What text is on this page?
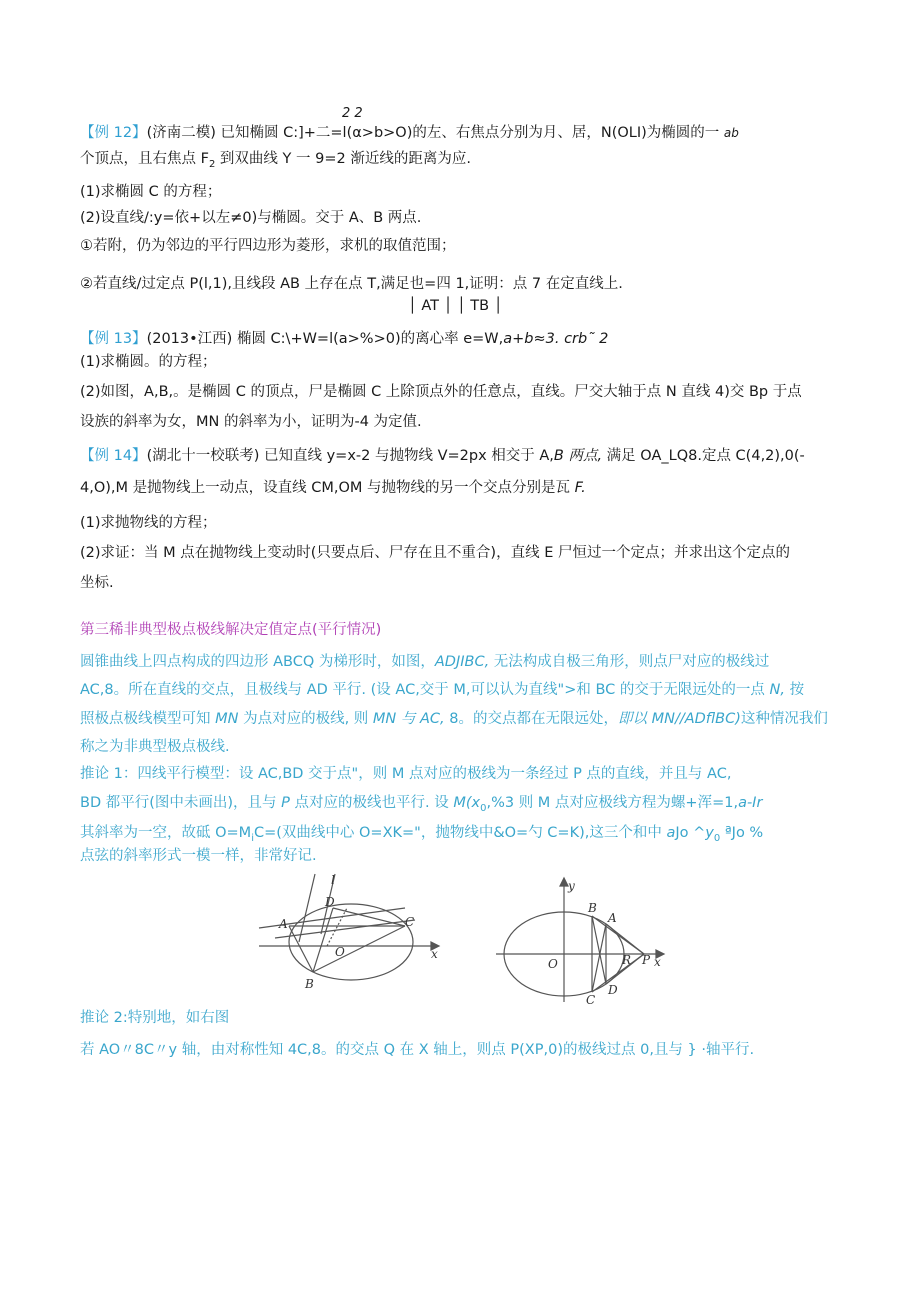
2 2
【例 12】(济南二模) 已知椭圆 C:]+二=l(α>b>O)的左、右焦点分别为月、居，N(OLI)为椭圆的一 ab
个顶点，且右焦点 $F_2$ 到双曲线 Y 一 9=2 渐近线的距离为应.
(1)求椭圆 C 的方程；
(2)设直线/:y=依+以左≠0)与椭圆。交于 A、B 两点.
①若附，仍为邻边的平行四边形为菱形，求机的取值范围；
②若直线/过定点 P(l,1),且线段 AB 上存在点 T,满足也=四 1,证明：点 7 在定直线上.
│ AT │ │ TB │
【例 13】(2013•江西) 椭圆 C:\+W=l(a>%>0)的离心率 e=W,a+b≈3. crb˜ 2
(1)求椭圆。的方程；
(2)如图，A,B,。是椭圆 C 的顶点，尸是椭圆 C 上除顶点外的任意点，直线。尸交大轴于点 N 直线 4)交 Bp 于点
设族的斜率为女，MN 的斜率为小，证明为-4 为定值.
【例 14】(湖北十一校联考) 已知直线 y=x-2 与抛物线 V=2px 相交于 A,B 两点, 满足 OA_LQ8.定点 C(4,2),0(-
4,O),M 是抛物线上一动点，设直线 CM,OM 与抛物线的另一个交点分别是瓦 F.
(1)求抛物线的方程；
(2)求证：当 M 点在抛物线上变动时(只要点后、尸存在且不重合)，直线 E 尸恒过一个定点；并求出这个定点的
坐标.
第三稀非典型极点极线解决定值定点(平行情况)
圆锥曲线上四点构成的四边形 ABCQ 为梯形时，如图，ADJIBC, 无法构成自极三角形，则点尸对应的极线过
AC,8。所在直线的交点，且极线与 AD 平行. (设 AC,交于 M,可以认为直线">和 BC 的交于无限远处的一点 N, 按
照极点极线模型可知 MN 为点对应的极线, 则 MN 与 AC, 8。的交点都在无限远处，即以 MN//ADflBC)这种情况我们
称之为非典型极点极线.
推论 1：四线平行模型：设 AC,BD 交于点"，则 M 点对应的极线为一条经过 P 点的直线，并且与 AC,
BD 都平行(图中未画出)，且与 P 点对应的极线也平行. 设 $M(x_0,\%3$ 则 M 点对应极线方程为螺+浑=1,a-Ir
其斜率为一空，故砥 $O=M_iC=$(双曲线中心 O=XK="，抛物线中&O=勺 C=K),这三个和中 aJo $\^{}y_0$ ªJo %
点弦的斜率形式一模一样，非常好记.
A
B
C
D
O
l
x
y
B
A
O
C
D
R P x
推论 2:特别地，如右图
若 AO〃8C〃y 轴，由对称性知 4C,8。的交点 Q 在 X 轴上，则点 P(XP,0)的极线过点 0,且与 } ·轴平行.
